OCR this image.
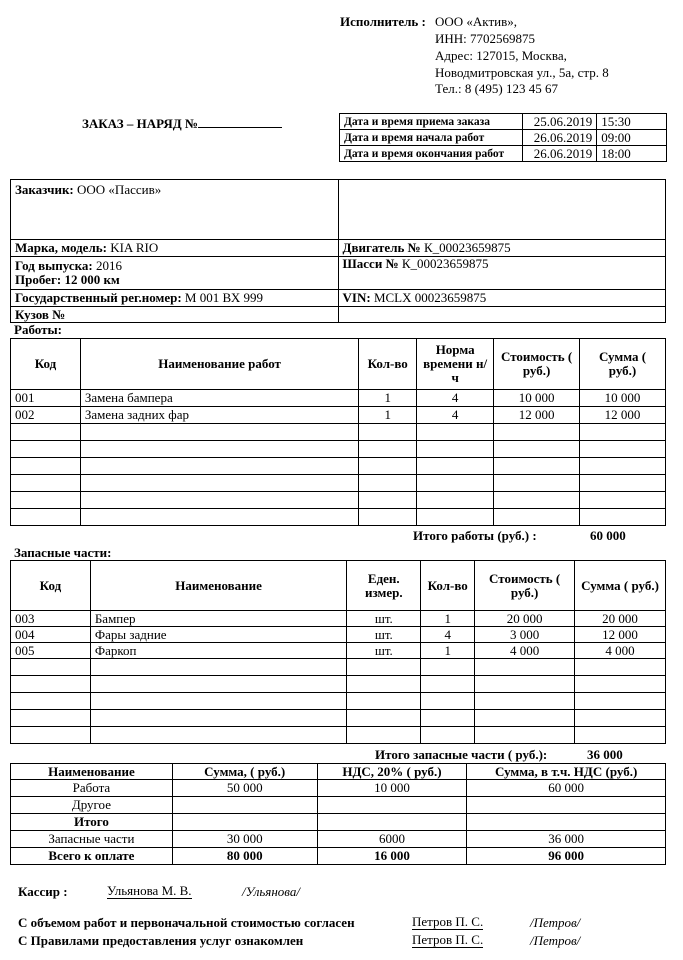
Исполнитель : ООО «Актив»,
ИНН: 7702569875
Адрес: 127015, Москва,
Новодмитровская ул., 5а, стр. 8
Тел.: 8 (495) 123 45 67
ЗАКАЗ – НАРЯД №	Дата и время приема заказа	25.06.2019	15:30
Дата и время начала работ	26.06.2019	09:00
Дата и время окончания работ	26.06.2019	18:00
Заказчик: ООО «Пассив»	
Марка, модель: KIA RIO	Двигатель № К_00023659875

Год выпуска: 2016
Пробег: 12 000 км	Шасси № К_00023659875
Государственный рег.номер: М 001 ВХ 999	VIN: MCLX 00023659875
Кузов №	
Работы:
Код	Наименование работ	Кол-во	Норма времени н/ч	Стоимость ( руб.)	Сумма ( руб.)
001	Замена бампера	1	4	10 000	10 000
002	Замена задних фар	1	4	12 000	12 000

Итого работы (руб.) :	60 000
Запасные части:
Код	Наименование	Еден. измер.	Кол-во	Стоимость ( руб.)	Сумма ( руб.)
003	Бампер	шт.	1	20 000	20 000
004	Фары задние	шт.	4	3 000	12 000
005	Фаркоп	шт.	1	4 000	4 000

Итого запасные части ( руб.):	36 000
Наименование	Сумма, ( руб.)	НДС, 20% ( руб.)	Сумма, в т.ч. НДС (руб.)
Работа	50 000	10 000	60 000
Другое			
Итого			
Запасные части	30 000	6000	36 000
Всего к оплате	80 000	16 000	96 000
Кассир :	Ульянова М. В.	/Ульянова/
С объемом работ и первоначальной стоимостью согласен	Петров П. С.	/Петров/
С Правилами предоставления услуг ознакомлен	Петров П. С.	/Петров/
